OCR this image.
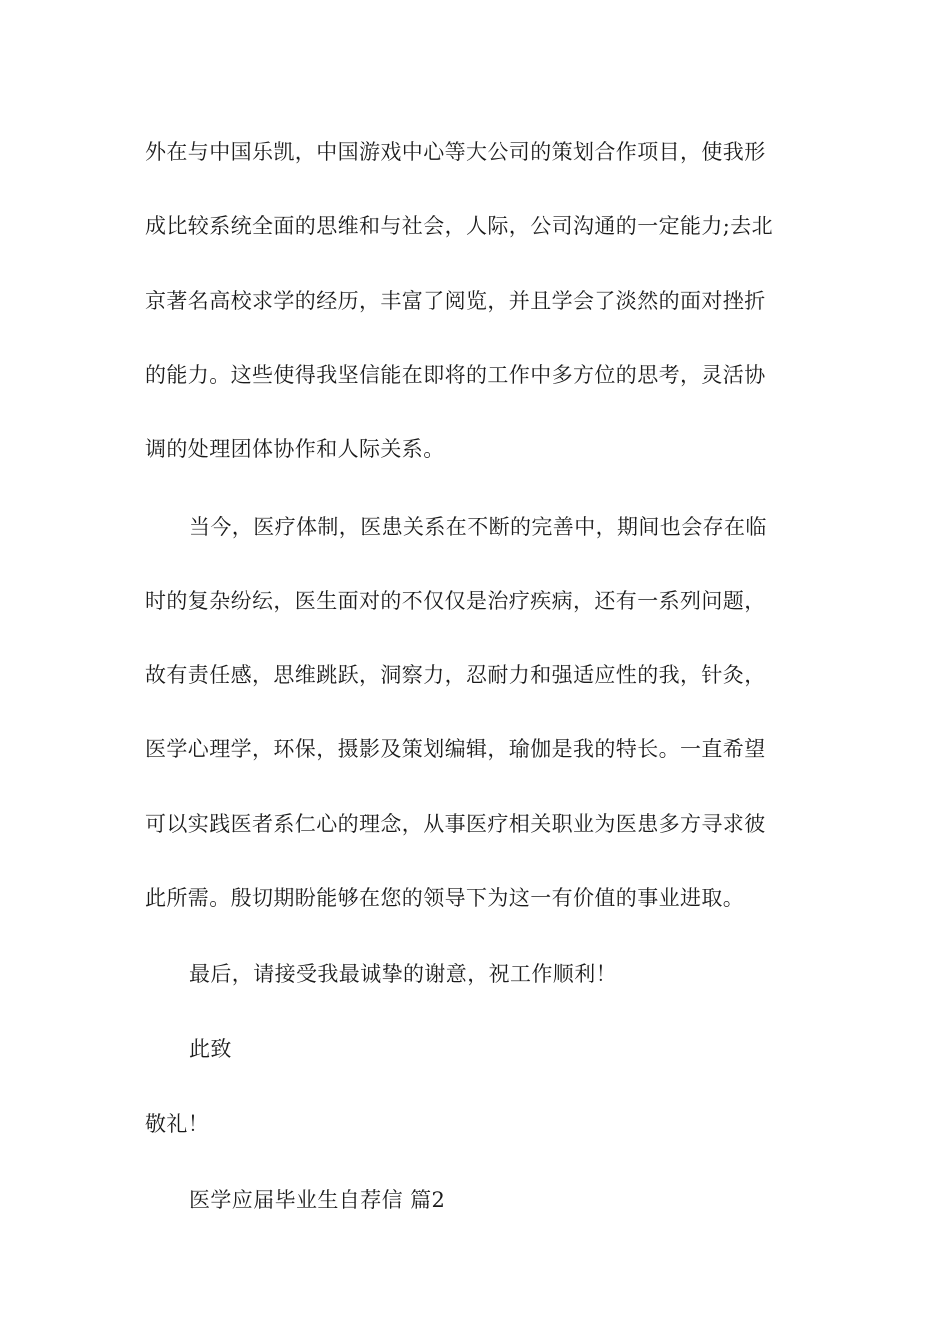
外在与中国乐凯，中国游戏中心等大公司的策划合作项目，使我形
成比较系统全面的思维和与社会，人际，公司沟通的一定能力;去北
京著名高校求学的经历，丰富了阅览，并且学会了淡然的面对挫折
的能力。这些使得我坚信能在即将的工作中多方位的思考，灵活协
调的处理团体协作和人际关系。
当今，医疗体制，医患关系在不断的完善中，期间也会存在临
时的复杂纷纭，医生面对的不仅仅是治疗疾病，还有一系列问题，
故有责任感，思维跳跃，洞察力，忍耐力和强适应性的我，针灸，
医学心理学，环保，摄影及策划编辑，瑜伽是我的特长。一直希望
可以实践医者系仁心的理念，从事医疗相关职业为医患多方寻求彼
此所需。殷切期盼能够在您的领导下为这一有价值的事业进取。
最后，请接受我最诚挚的谢意，祝工作顺利！
此致
敬礼！
医学应届毕业生自荐信 篇2
